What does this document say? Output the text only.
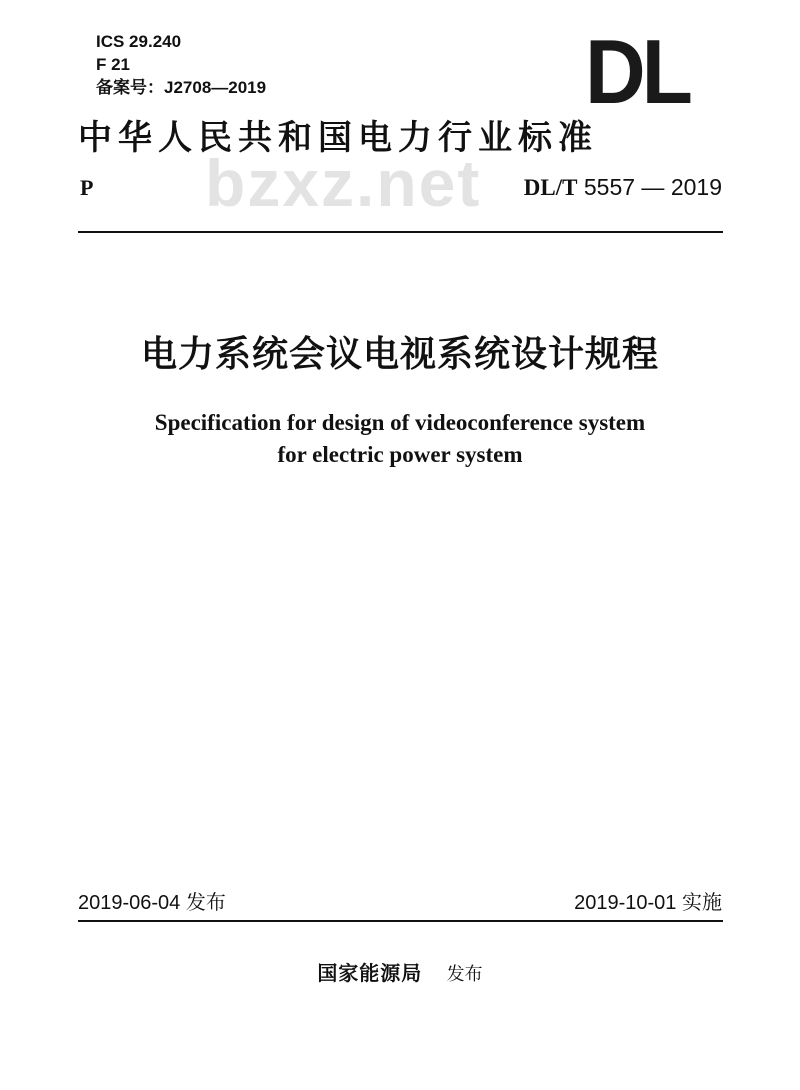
ICS 29.240
F 21
备案号：J2708—2019	DL
bzxz.net
中华人民共和国电力行业标准
P	DL/T 5557 — 2019
电力系统会议电视系统设计规程
Specification for design of videoconference system
for electric power system
2019-06-04 发布	2019-10-01 实施
国家能源局 发布
